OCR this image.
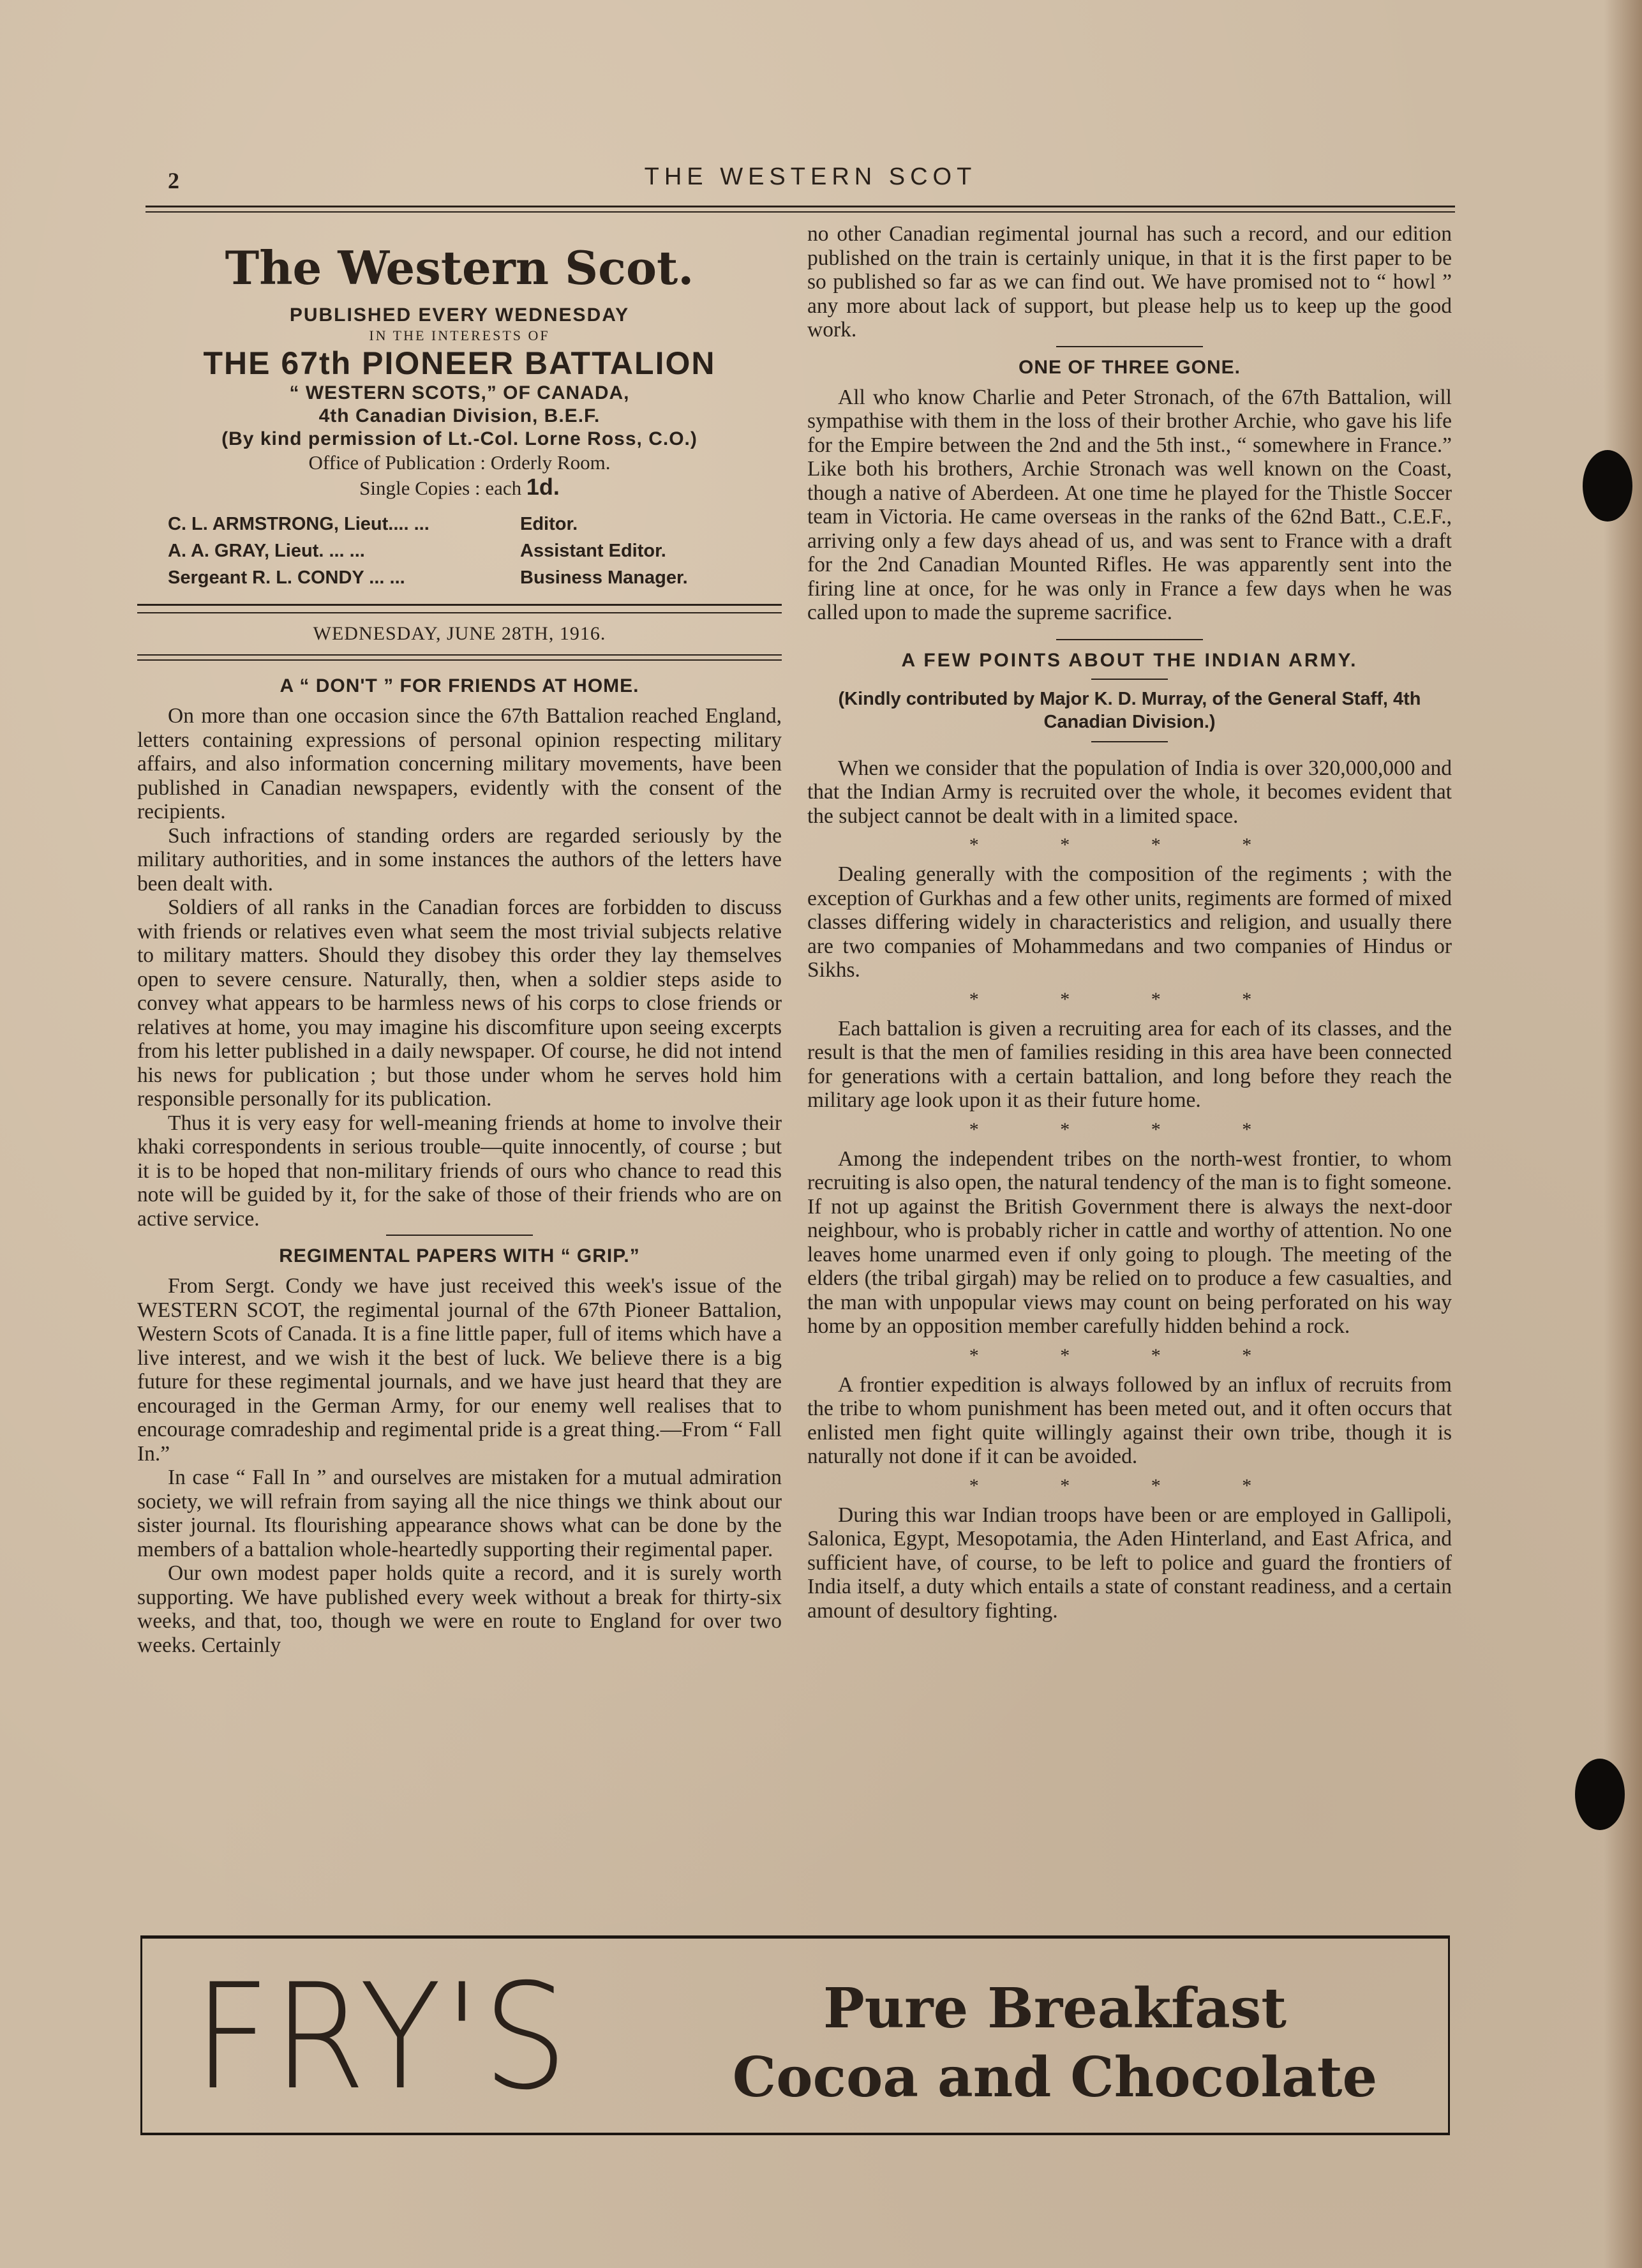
2	THE WESTERN SCOT
The Western Scot.
PUBLISHED EVERY WEDNESDAY
IN THE INTERESTS OF
THE 67th PIONEER BATTALION
“ WESTERN SCOTS,” OF CANADA,
4th Canadian Division, B.E.F.
(By kind permission of Lt.-Col. Lorne Ross, C.O.)
Office of Publication : Orderly Room.
Single Copies : each 1d.
C. L. ARMSTRONG, Lieut.... ...	Editor.
A. A. GRAY, Lieut. ... ...	Assistant Editor.
Sergeant R. L. CONDY ... ...	Business Manager.
WEDNESDAY, JUNE 28TH, 1916.
A “ DON'T ” FOR FRIENDS AT HOME.

On more than one occasion since the 67th Battalion reached England, letters containing expressions of personal opinion respecting military affairs, and also information concerning military movements, have been published in Canadian newspapers, evidently with the consent of the recipients.

Such infractions of standing orders are regarded seriously by the military authorities, and in some instances the authors of the letters have been dealt with.

Soldiers of all ranks in the Canadian forces are forbidden to discuss with friends or relatives even what seem the most trivial subjects relative to military matters. Should they disobey this order they lay themselves open to severe censure. Naturally, then, when a soldier steps aside to convey what appears to be harmless news of his corps to close friends or relatives at home, you may imagine his discomfiture upon seeing excerpts from his letter published in a daily newspaper. Of course, he did not intend his news for publication ; but those under whom he serves hold him responsible personally for its publication.

Thus it is very easy for well-meaning friends at home to involve their khaki correspondents in serious trouble—quite innocently, of course ; but it is to be hoped that non-military friends of ours who chance to read this note will be guided by it, for the sake of those of their friends who are on active service.

REGIMENTAL PAPERS WITH “ GRIP.”

From Sergt. Condy we have just received this week's issue of the WESTERN SCOT, the regimental journal of the 67th Pioneer Battalion, Western Scots of Canada. It is a fine little paper, full of items which have a live interest, and we wish it the best of luck. We believe there is a big future for these regimental journals, and we have just heard that they are encouraged in the German Army, for our enemy well realises that to encourage comradeship and regimental pride is a great thing.—From “ Fall In.”

In case “ Fall In ” and ourselves are mistaken for a mutual admiration society, we will refrain from saying all the nice things we think about our sister journal. Its flourishing appearance shows what can be done by the members of a battalion whole-heartedly supporting their regimental paper.

Our own modest paper holds quite a record, and it is surely worth supporting. We have published every week without a break for thirty-six weeks, and that, too, though we were en route to England for over two weeks. Certainly

no other Canadian regimental journal has such a record, and our edition published on the train is certainly unique, in that it is the first paper to be so published so far as we can find out. We have promised not to “ howl ” any more about lack of support, but please help us to keep up the good work.

ONE OF THREE GONE.

All who know Charlie and Peter Stronach, of the 67th Battalion, will sympathise with them in the loss of their brother Archie, who gave his life for the Empire between the 2nd and the 5th inst., “ somewhere in France.” Like both his brothers, Archie Stronach was well known on the Coast, though a native of Aberdeen. At one time he played for the Thistle Soccer team in Victoria. He came overseas in the ranks of the 62nd Batt., C.E.F., arriving only a few days ahead of us, and was sent to France with a draft for the 2nd Canadian Mounted Rifles. He was apparently sent into the firing line at once, for he was only in France a few days when he was called upon to made the supreme sacrifice.

A FEW POINTS ABOUT THE INDIAN ARMY.
(Kindly contributed by Major K. D. Murray, of the General Staff, 4th Canadian Division.)

When we consider that the population of India is over 320,000,000 and that the Indian Army is recruited over the whole, it becomes evident that the subject cannot be dealt with in a limited space.

* * * *

Dealing generally with the composition of the regiments ; with the exception of Gurkhas and a few other units, regiments are formed of mixed classes differing widely in characteristics and religion, and usually there are two companies of Mohammedans and two companies of Hindus or Sikhs.

* * * *

Each battalion is given a recruiting area for each of its classes, and the result is that the men of families residing in this area have been connected for generations with a certain battalion, and long before they reach the military age look upon it as their future home.

* * * *

Among the independent tribes on the north-west frontier, to whom recruiting is also open, the natural tendency of the man is to fight someone. If not up against the British Government there is always the next-door neighbour, who is probably richer in cattle and worthy of attention. No one leaves home unarmed even if only going to plough. The meeting of the elders (the tribal girgah) may be relied on to produce a few casualties, and the man with unpopular views may count on being perforated on his way home by an opposition member carefully hidden behind a rock.

* * * *

A frontier expedition is always followed by an influx of recruits from the tribe to whom punishment has been meted out, and it often occurs that enlisted men fight quite willingly against their own tribe, though it is naturally not done if it can be avoided.

* * * *

During this war Indian troops have been or are employed in Gallipoli, Salonica, Egypt, Mesopotamia, the Aden Hinterland, and East Africa, and sufficient have, of course, to be left to police and guard the frontiers of India itself, a duty which entails a state of constant readiness, and a certain amount of desultory fighting.

FRY'S	Pure Breakfast
Cocoa and Chocolate
